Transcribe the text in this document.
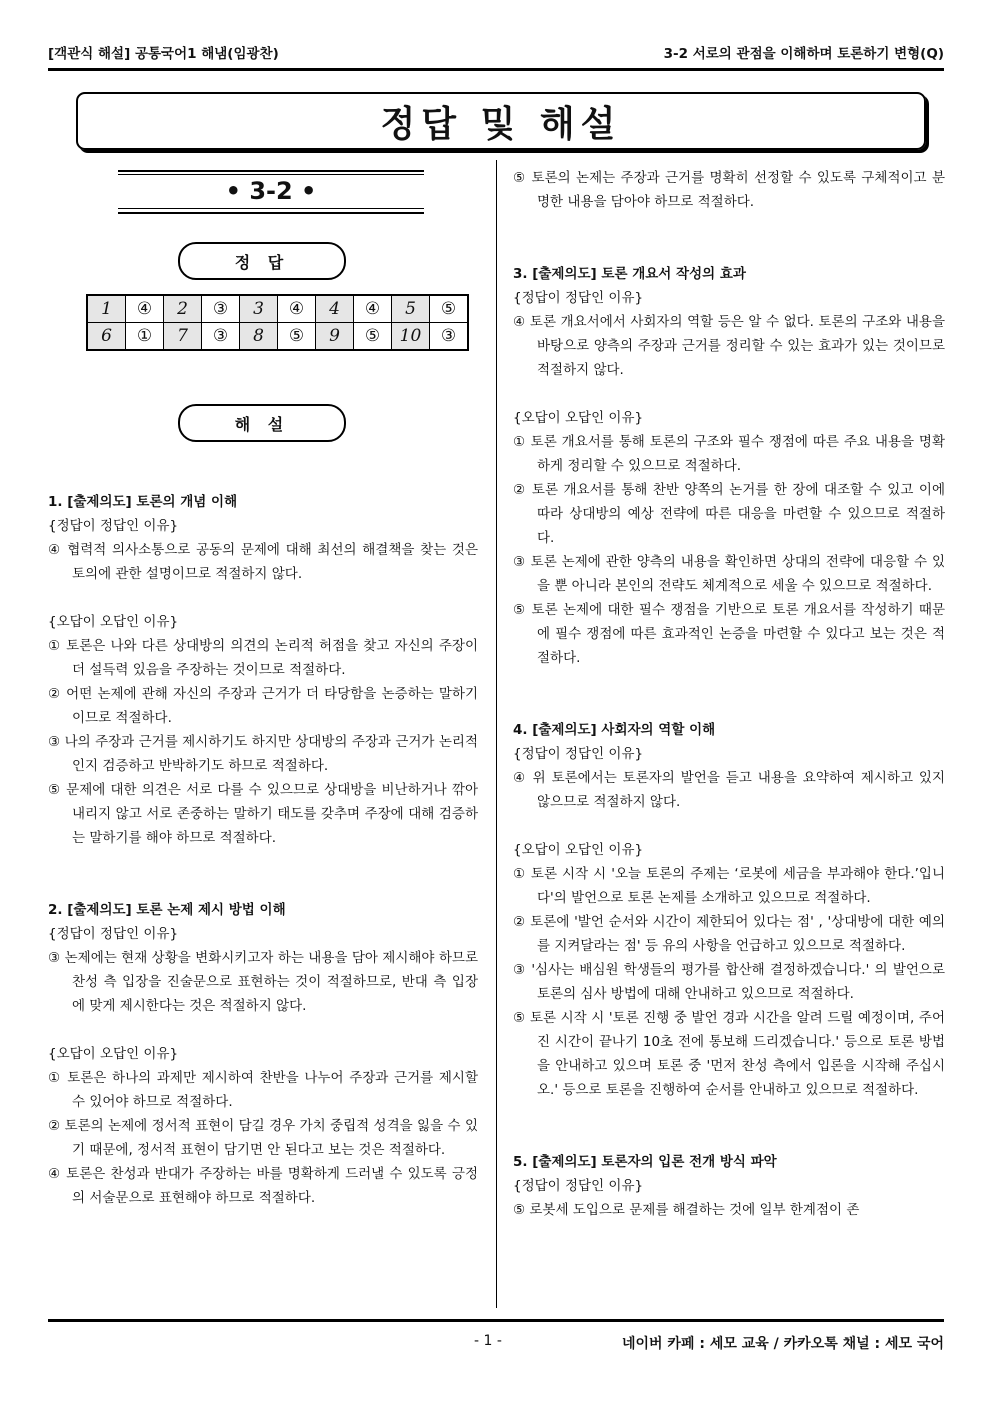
[객관식 해설] 공통국어1 해냄(임광찬)	3-2 서로의 관점을 이해하며 토론하기 변형(Q)
정답 및 해설
• 3-2 •
정 답
1	④	2	③	3	④	4	④	5	⑤
6	①	7	③	8	⑤	9	⑤	10	③
해 설

1. [출제의도] 토론의 개념 이해

{정답이 정답인 이유}

④ 협력적 의사소통으로 공동의 문제에 대해 최선의 해결책을 찾는 것은 토의에 관한 설명이므로 적절하지 않다.

{오답이 오답인 이유}

① 토론은 나와 다른 상대방의 의견의 논리적 허점을 찾고 자신의 주장이 더 설득력 있음을 주장하는 것이므로 적절하다.

② 어떤 논제에 관해 자신의 주장과 근거가 더 타당함을 논증하는 말하기이므로 적절하다.

③ 나의 주장과 근거를 제시하기도 하지만 상대방의 주장과 근거가 논리적인지 검증하고 반박하기도 하므로 적절하다.

⑤ 문제에 대한 의견은 서로 다를 수 있으므로 상대방을 비난하거나 깎아내리지 않고 서로 존중하는 말하기 태도를 갖추며 주장에 대해 검증하는 말하기를 해야 하므로 적절하다.

2. [출제의도] 토론 논제 제시 방법 이해

{정답이 정답인 이유}

③ 논제에는 현재 상황을 변화시키고자 하는 내용을 담아 제시해야 하므로 찬성 측 입장을 진술문으로 표현하는 것이 적절하므로, 반대 측 입장에 맞게 제시한다는 것은 적절하지 않다.

{오답이 오답인 이유}

① 토론은 하나의 과제만 제시하여 찬반을 나누어 주장과 근거를 제시할 수 있어야 하므로 적절하다.

② 토론의 논제에 정서적 표현이 담길 경우 가치 중립적 성격을 잃을 수 있기 때문에, 정서적 표현이 담기면 안 된다고 보는 것은 적절하다.

④ 토론은 찬성과 반대가 주장하는 바를 명확하게 드러낼 수 있도록 긍정의 서술문으로 표현해야 하므로 적절하다.

⑤ 토론의 논제는 주장과 근거를 명확히 선정할 수 있도록 구체적이고 분명한 내용을 담아야 하므로 적절하다.

3. [출제의도] 토론 개요서 작성의 효과

{정답이 정답인 이유}

④ 토론 개요서에서 사회자의 역할 등은 알 수 없다. 토론의 구조와 내용을 바탕으로 양측의 주장과 근거를 정리할 수 있는 효과가 있는 것이므로 적절하지 않다.

{오답이 오답인 이유}

① 토론 개요서를 통해 토론의 구조와 필수 쟁점에 따른 주요 내용을 명확하게 정리할 수 있으므로 적절하다.

② 토론 개요서를 통해 찬반 양쪽의 논거를 한 장에 대조할 수 있고 이에 따라 상대방의 예상 전략에 따른 대응을 마련할 수 있으므로 적절하다.

③ 토론 논제에 관한 양측의 내용을 확인하면 상대의 전략에 대응할 수 있을 뿐 아니라 본인의 전략도 체계적으로 세울 수 있으므로 적절하다.

⑤ 토론 논제에 대한 필수 쟁점을 기반으로 토론 개요서를 작성하기 때문에 필수 쟁점에 따른 효과적인 논증을 마련할 수 있다고 보는 것은 적절하다.

4. [출제의도] 사회자의 역할 이해

{정답이 정답인 이유}

④ 위 토론에서는 토론자의 발언을 듣고 내용을 요약하여 제시하고 있지 않으므로 적절하지 않다.

{오답이 오답인 이유}

① 토론 시작 시 '오늘 토론의 주제는 ‘로봇에 세금을 부과해야 한다.’입니다'의 발언으로 토론 논제를 소개하고 있으므로 적절하다.

② 토론에 '발언 순서와 시간이 제한되어 있다는 점' , '상대방에 대한 예의를 지켜달라는 점' 등 유의 사항을 언급하고 있으므로 적절하다.

③ '심사는 배심원 학생들의 평가를 합산해 결정하겠습니다.' 의 발언으로 토론의 심사 방법에 대해 안내하고 있으므로 적절하다.

⑤ 토론 시작 시 '토론 진행 중 발언 경과 시간을 알려 드릴 예정이며, 주어진 시간이 끝나기 10초 전에 통보해 드리겠습니다.' 등으로 토론 방법을 안내하고 있으며 토론 중 '먼저 찬성 측에서 입론을 시작해 주십시오.' 등으로 토론을 진행하여 순서를 안내하고 있으므로 적절하다.

5. [출제의도] 토론자의 입론 전개 방식 파악

{정답이 정답인 이유}

⑤ 로봇세 도입으로 문제를 해결하는 것에 일부 한계점이 존

- 1 -	네이버 카페 : 세모 교육 / 카카오톡 채널 : 세모 국어
